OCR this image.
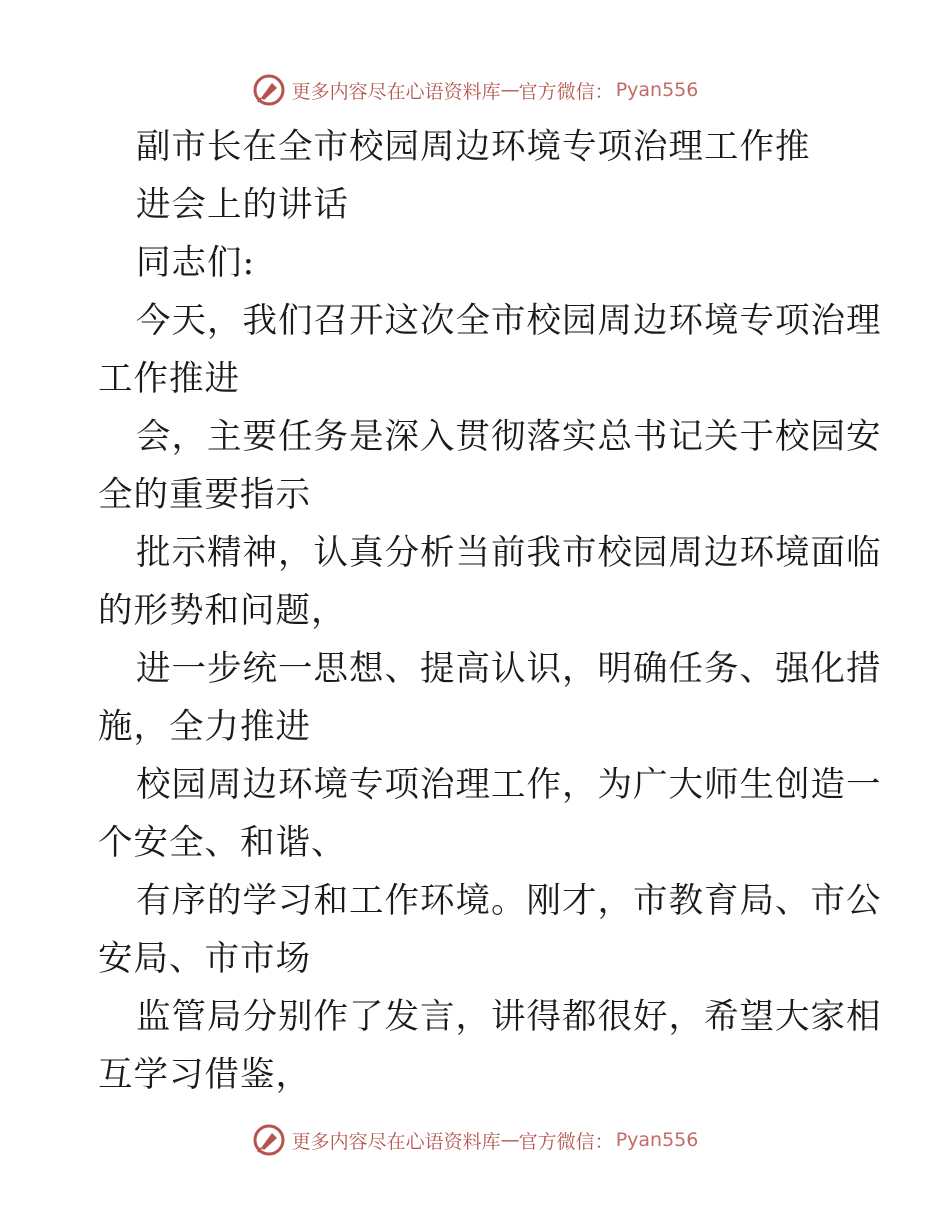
更多内容尽在心语资料库 — 官方微信： Pyan556
副市长在全市校园周边环境专项治理工作推
进会上的讲话
同志们:
今天，我们召开这次全市校园周边环境专项治理
工作推进
会，主要任务是深入贯彻落实总书记关于校园安
全的重要指示
批示精神，认真分析当前我市校园周边环境面临
的形势和问题，
进一步统一思想、提高认识，明确任务、强化措
施，全力推进
校园周边环境专项治理工作，为广大师生创造一
个安全、和谐、
有序的学习和工作环境。刚才，市教育局、市公
安局、市市场
监管局分别作了发言，讲得都很好，希望大家相
互学习借鉴，
更多内容尽在心语资料库 — 官方微信： Pyan556
